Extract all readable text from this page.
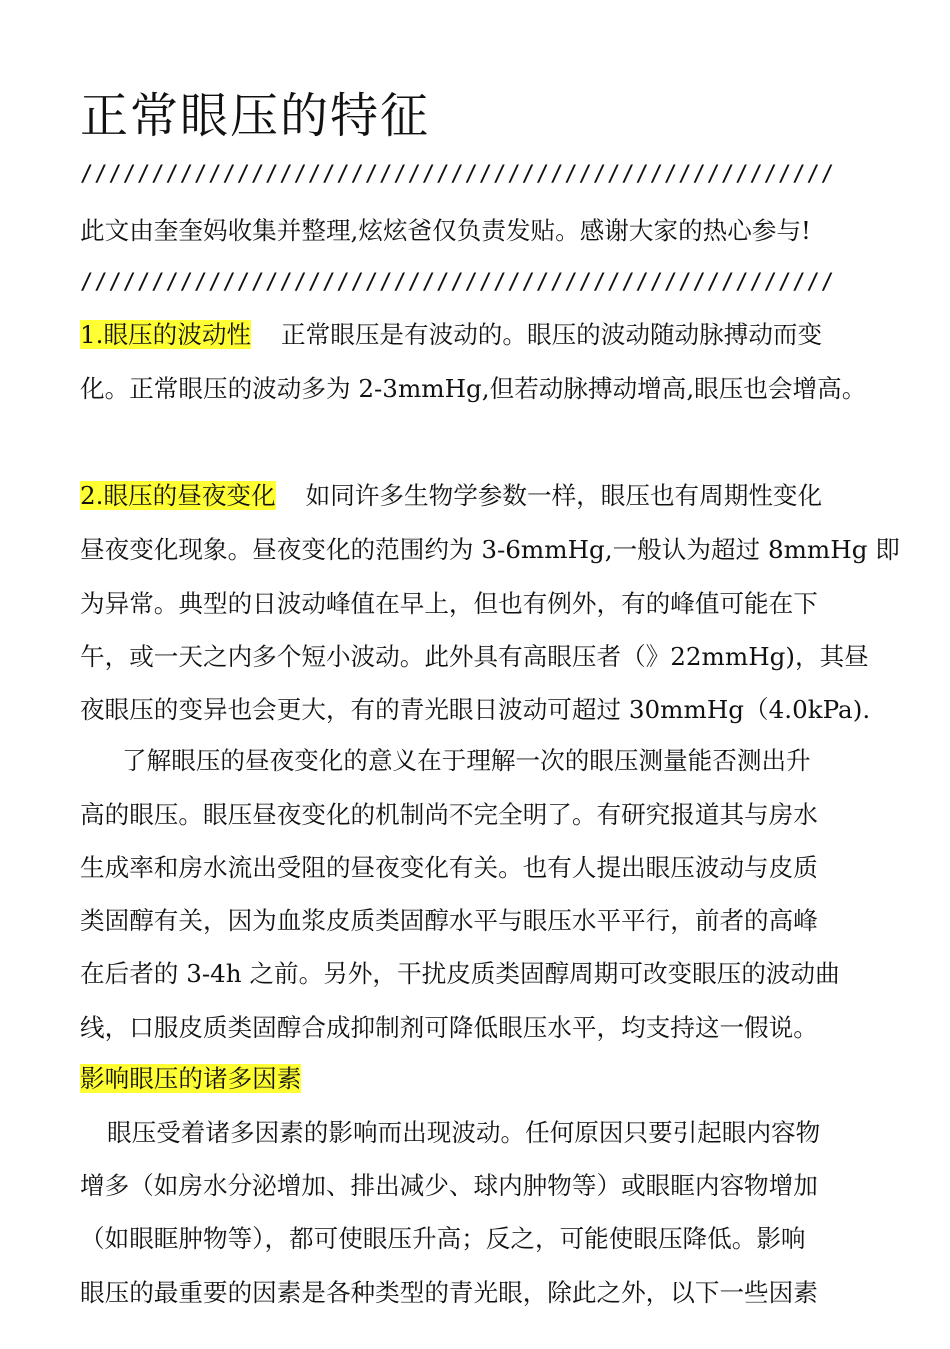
正常眼压的特征
/////////////////////////////////////////////////////
此文由奎奎妈收集并整理,炫炫爸仅负责发贴。感谢大家的热心参与!
/////////////////////////////////////////////////////
1.眼压的波动性 正常眼压是有波动的。眼压的波动随动脉搏动而变
化。正常眼压的波动多为 2-3mmHg,但若动脉搏动增高,眼压也会增高。
2.眼压的昼夜变化 如同许多生物学参数一样，眼压也有周期性变化
昼夜变化现象。昼夜变化的范围约为 3-6mmHg,一般认为超过 8mmHg 即
为异常。典型的日波动峰值在早上，但也有例外，有的峰值可能在下
午，或一天之内多个短小波动。此外具有高眼压者（》22mmHg)，其昼
夜眼压的变异也会更大，有的青光眼日波动可超过 30mmHg（4.0kPa).
了解眼压的昼夜变化的意义在于理解一次的眼压测量能否测出升
高的眼压。眼压昼夜变化的机制尚不完全明了。有研究报道其与房水
生成率和房水流出受阻的昼夜变化有关。也有人提出眼压波动与皮质
类固醇有关，因为血浆皮质类固醇水平与眼压水平平行，前者的高峰
在后者的 3-4h 之前。另外，干扰皮质类固醇周期可改变眼压的波动曲
线，口服皮质类固醇合成抑制剂可降低眼压水平，均支持这一假说。
影响眼压的诸多因素
眼压受着诸多因素的影响而出现波动。任何原因只要引起眼内容物
增多（如房水分泌增加、排出减少、球内肿物等）或眼眶内容物增加
（如眼眶肿物等），都可使眼压升高；反之，可能使眼压降低。影响
眼压的最重要的因素是各种类型的青光眼，除此之外，以下一些因素
